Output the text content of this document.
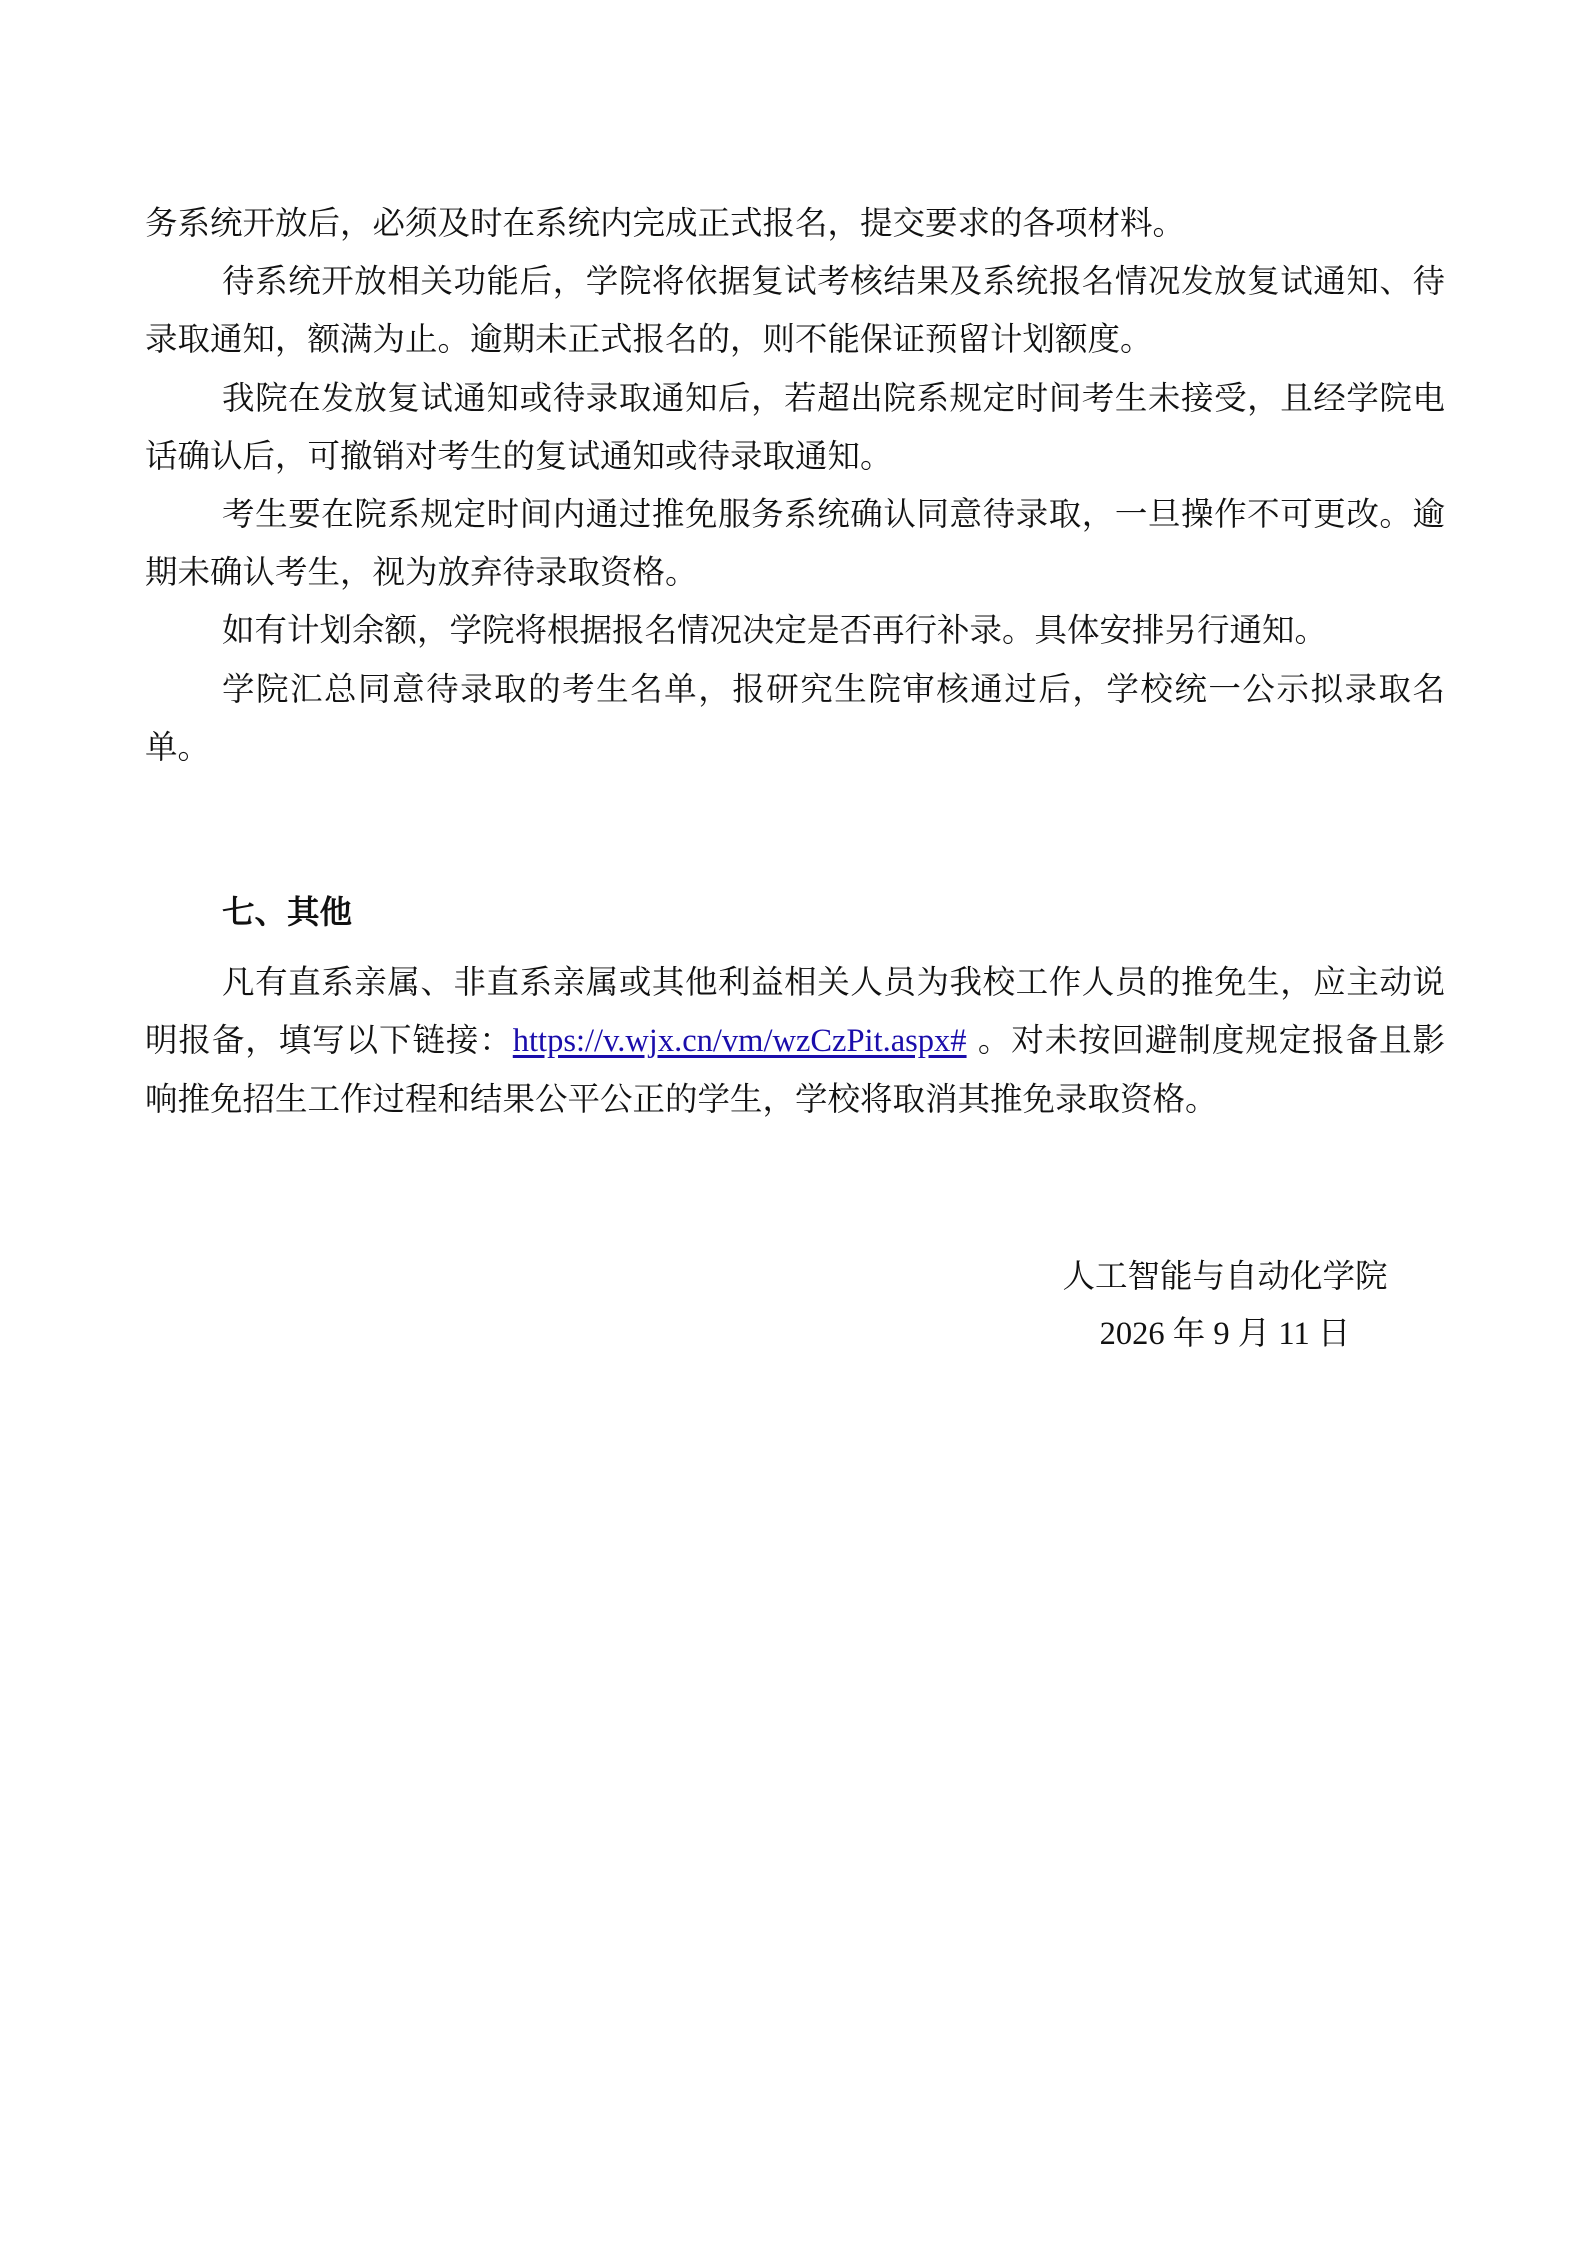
务系统开放后，必须及时在系统内完成正式报名，提交要求的各项材料。

待系统开放相关功能后，学院将依据复试考核结果及系统报名情况发放复试通知、待录取通知，额满为止。逾期未正式报名的，则不能保证预留计划额度。

我院在发放复试通知或待录取通知后，若超出院系规定时间考生未接受，且经学院电话确认后，可撤销对考生的复试通知或待录取通知。

考生要在院系规定时间内通过推免服务系统确认同意待录取，一旦操作不可更改。逾期未确认考生，视为放弃待录取资格。

如有计划余额，学院将根据报名情况决定是否再行补录。具体安排另行通知。

学院汇总同意待录取的考生名单，报研究生院审核通过后，学校统一公示拟录取名单。

七、其他

凡有直系亲属、非直系亲属或其他利益相关人员为我校工作人员的推免生，应主动说明报备，填写以下链接：https://v.wjx.cn/vm/wzCzPit.aspx# 。对未按回避制度规定报备且影响推免招生工作过程和结果公平公正的学生，学校将取消其推免录取资格。

人工智能与自动化学院
2026 年 9 月 11 日
